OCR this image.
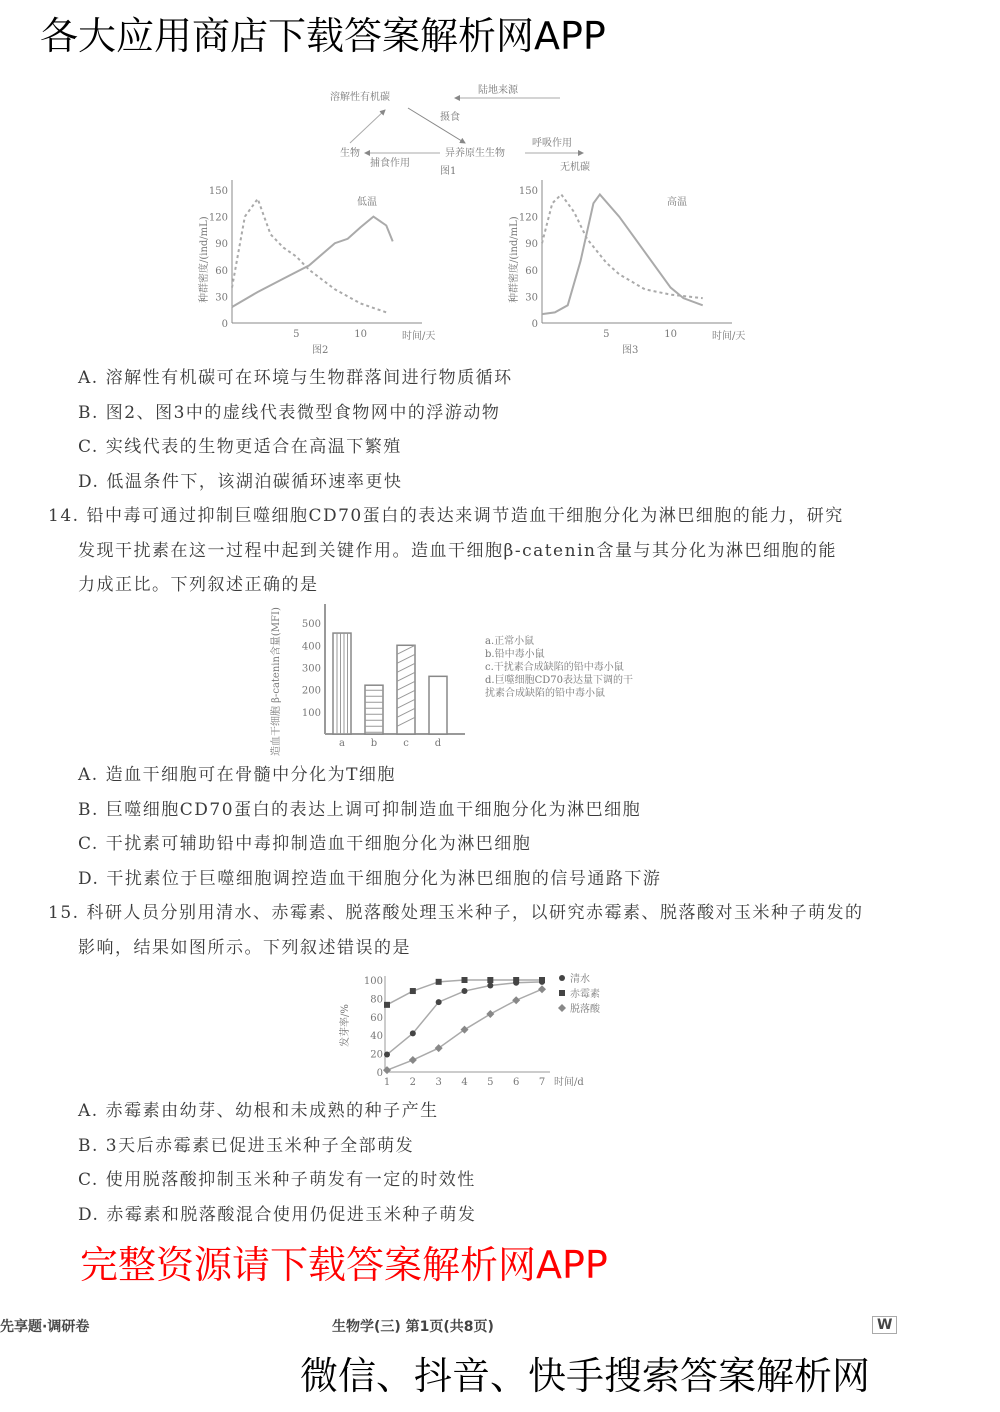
溶解性有机碳
陆地来源
摄食
异养原生生物
呼吸作用
无机碳
捕食作用
生物
图1
0
30
60
90
120
150
5	10	时间/天
图2
低温
种群密度/(ind/mL)
0
30
60
90
120
150
5	10	时间/天
图3
高温
种群密度/(ind/mL)
A. 溶解性有机碳可在环境与生物群落间进行物质循环
B. 图2、图3中的虚线代表微型食物网中的浮游动物
C. 实线代表的生物更适合在高温下繁殖
D. 低温条件下，该湖泊碳循环速率更快
14. 铅中毒可通过抑制巨噬细胞CD70蛋白的表达来调节造血干细胞分化为淋巴细胞的能力，研究
发现干扰素在这一过程中起到关键作用。造血干细胞β-catenin含量与其分化为淋巴细胞的能
力成正比。下列叙述正确的是
100
200
300
400
500
a	b	c	d
造血干细胞 β-catenin含量(MFI)	a.正常小鼠
b.铅中毒小鼠
c.干扰素合成缺陷的铅中毒小鼠
d.巨噬细胞CD70表达量下调的干
扰素合成缺陷的铅中毒小鼠
A. 造血干细胞可在骨髓中分化为T细胞
B. 巨噬细胞CD70蛋白的表达上调可抑制造血干细胞分化为淋巴细胞
C. 干扰素可辅助铅中毒抑制造血干细胞分化为淋巴细胞
D. 干扰素位于巨噬细胞调控造血干细胞分化为淋巴细胞的信号通路下游
15. 科研人员分别用清水、赤霉素、脱落酸处理玉米种子，以研究赤霉素、脱落酸对玉米种子萌发的
影响，结果如图所示。下列叙述错误的是
0
20
40
60
80
100
1 2 3 4 5 6 7 时间/d
发芽率/%
清水
赤霉素
脱落酸
A. 赤霉素由幼芽、幼根和未成熟的种子产生
B. 3天后赤霉素已促进玉米种子全部萌发
C. 使用脱落酸抑制玉米种子萌发有一定的时效性
D. 赤霉素和脱落酸混合使用仍促进玉米种子萌发
先享题·调研卷	生物学(三) 第1页(共8页)	W
各大应用商店下载答案解析网APP
完整资源请下载答案解析网APP
微信、抖音、快手搜索答案解析网
